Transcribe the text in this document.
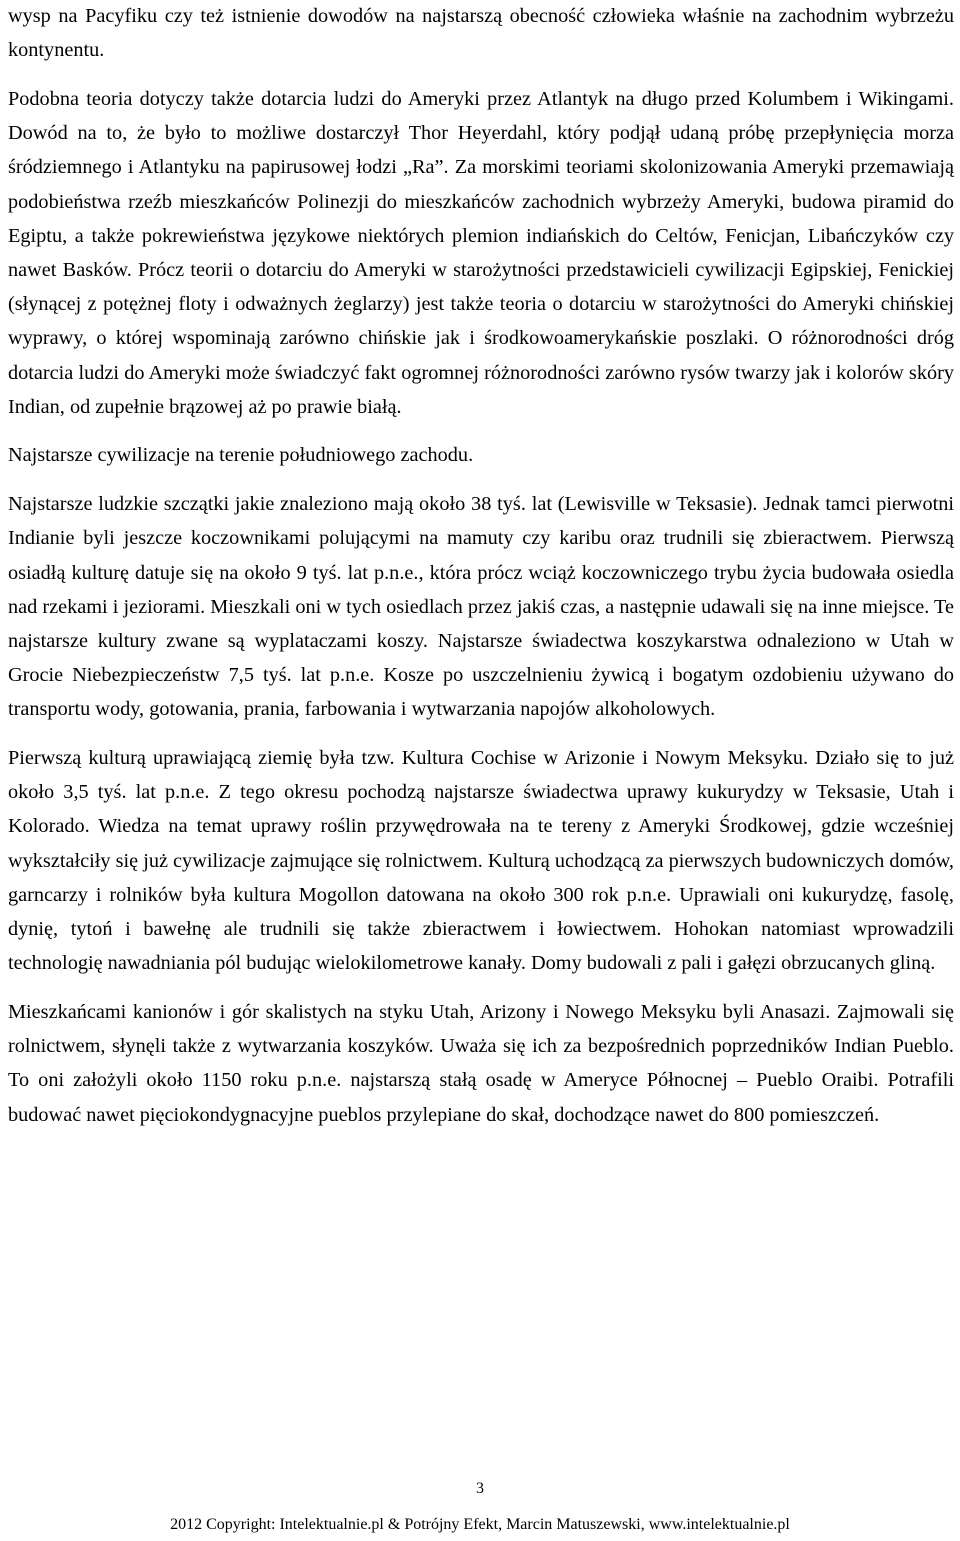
wysp na Pacyfiku czy też istnienie dowodów na najstarszą obecność człowieka właśnie na zachodnim wybrzeżu kontynentu.

Podobna teoria dotyczy także dotarcia ludzi do Ameryki przez Atlantyk na długo przed Kolumbem i Wikingami. Dowód na to, że było to możliwe dostarczył Thor Heyerdahl, który podjął udaną próbę przepłynięcia morza śródziemnego i Atlantyku na papirusowej łodzi „Ra”. Za morskimi teoriami skolonizowania Ameryki przemawiają podobieństwa rzeźb mieszkańców Polinezji do mieszkańców zachodnich wybrzeży Ameryki, budowa piramid do Egiptu, a także pokrewieństwa językowe niektórych plemion indiańskich do Celtów, Fenicjan, Libańczyków czy nawet Basków. Prócz teorii o dotarciu do Ameryki w starożytności przedstawicieli cywilizacji Egipskiej, Fenickiej (słynącej z potężnej floty i odważnych żeglarzy) jest także teoria o dotarciu w starożytności do Ameryki chińskiej wyprawy, o której wspominają zarówno chińskie jak i środkowoamerykańskie poszlaki. O różnorodności dróg dotarcia ludzi do Ameryki może świadczyć fakt ogromnej różnorodności zarówno rysów twarzy jak i kolorów skóry Indian, od zupełnie brązowej aż po prawie białą.

Najstarsze cywilizacje na terenie południowego zachodu.

Najstarsze ludzkie szczątki jakie znaleziono mają około 38 tyś. lat (Lewisville w Teksasie). Jednak tamci pierwotni Indianie byli jeszcze koczownikami polującymi na mamuty czy karibu oraz trudnili się zbieractwem. Pierwszą osiadłą kulturę datuje się na około 9 tyś. lat p.n.e., która prócz wciąż koczowniczego trybu życia budowała osiedla nad rzekami i jeziorami. Mieszkali oni w tych osiedlach przez jakiś czas, a następnie udawali się na inne miejsce. Te najstarsze kultury zwane są wyplataczami koszy. Najstarsze świadectwa koszykarstwa odnaleziono w Utah w Grocie Niebezpieczeństw 7,5 tyś. lat p.n.e. Kosze po uszczelnieniu żywicą i bogatym ozdobieniu używano do transportu wody, gotowania, prania, farbowania i wytwarzania napojów alkoholowych.

Pierwszą kulturą uprawiającą ziemię była tzw. Kultura Cochise w Arizonie i Nowym Meksyku. Działo się to już około 3,5 tyś. lat p.n.e. Z tego okresu pochodzą najstarsze świadectwa uprawy kukurydzy w Teksasie, Utah i Kolorado. Wiedza na temat uprawy roślin przywędrowała na te tereny z Ameryki Środkowej, gdzie wcześniej wykształciły się już cywilizacje zajmujące się rolnictwem. Kulturą uchodzącą za pierwszych budowniczych domów, garncarzy i rolników była kultura Mogollon datowana na około 300 rok p.n.e. Uprawiali oni kukurydzę, fasolę, dynię, tytoń i bawełnę ale trudnili się także zbieractwem i łowiectwem. Hohokan natomiast wprowadzili technologię nawadniania pól budując wielokilometrowe kanały. Domy budowali z pali i gałęzi obrzucanych gliną.

Mieszkańcami kanionów i gór skalistych na styku Utah, Arizony i Nowego Meksyku byli Anasazi. Zajmowali się rolnictwem, słynęli także z wytwarzania koszyków. Uważa się ich za bezpośrednich poprzedników Indian Pueblo. To oni założyli około 1150 roku p.n.e. najstarszą stałą osadę w Ameryce Północnej – Pueblo Oraibi. Potrafili budować nawet pięciokondygnacyjne pueblos przylepiane do skał, dochodzące nawet do 800 pomieszczeń.

3
2012 Copyright: Intelektualnie.pl & Potrójny Efekt, Marcin Matuszewski, www.intelektualnie.pl
